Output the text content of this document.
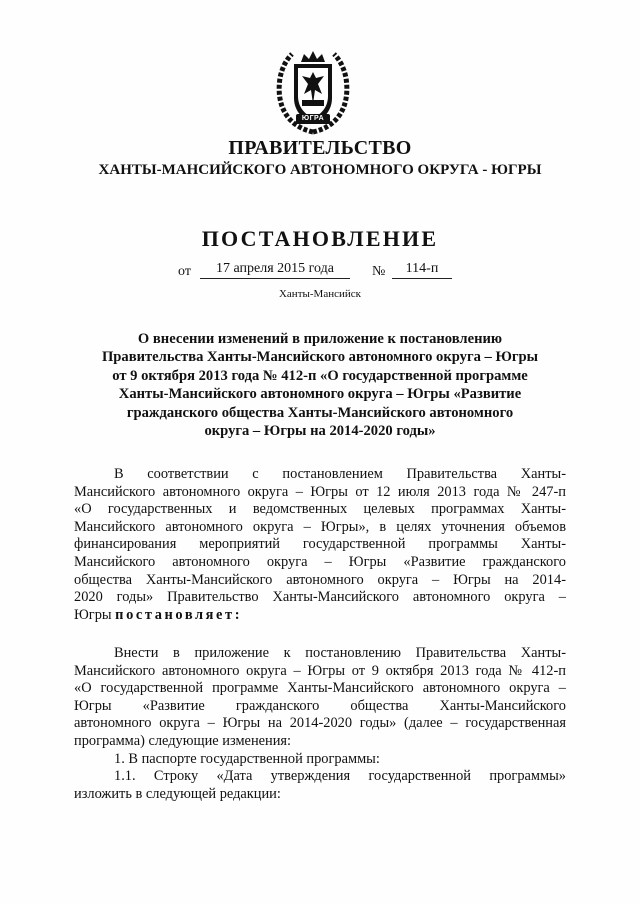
ЮГРА
ПРАВИТЕЛЬСТВО
ХАНТЫ-МАНСИЙСКОГО АВТОНОМНОГО ОКРУГА - ЮГРЫ
ПОСТАНОВЛЕНИЕ
от	17 апреля 2015 года	№	114-п
Ханты-Мансийск
О внесении изменений в приложение к постановлению
Правительства Ханты-Мансийского автономного округа – Югры
от 9 октября 2013 года № 412-п «О государственной программе
Ханты-Мансийского автономного округа – Югры «Развитие
гражданского общества Ханты-Мансийского автономного
округа – Югры на 2014-2020 годы»
В соответствии с постановлением Правительства Ханты-
Мансийского автономного округа – Югры от 12 июля 2013 года № 247-п
«О государственных и ведомственных целевых программах Ханты-
Мансийского автономного округа – Югры», в целях уточнения объемов
финансирования мероприятий государственной программы Ханты-
Мансийского автономного округа – Югры «Развитие гражданского
общества Ханты-Мансийского автономного округа – Югры на 2014-
2020 годы» Правительство Ханты-Мансийского автономного округа –
Югры постановляет:
Внести в приложение к постановлению Правительства Ханты-
Мансийского автономного округа – Югры от 9 октября 2013 года № 412-п
«О государственной программе Ханты-Мансийского автономного округа –
Югры «Развитие гражданского общества Ханты-Мансийского
автономного округа – Югры на 2014-2020 годы» (далее – государственная
программа) следующие изменения:
1. В паспорте государственной программы:
1.1. Строку «Дата утверждения государственной программы»
изложить в следующей редакции:
